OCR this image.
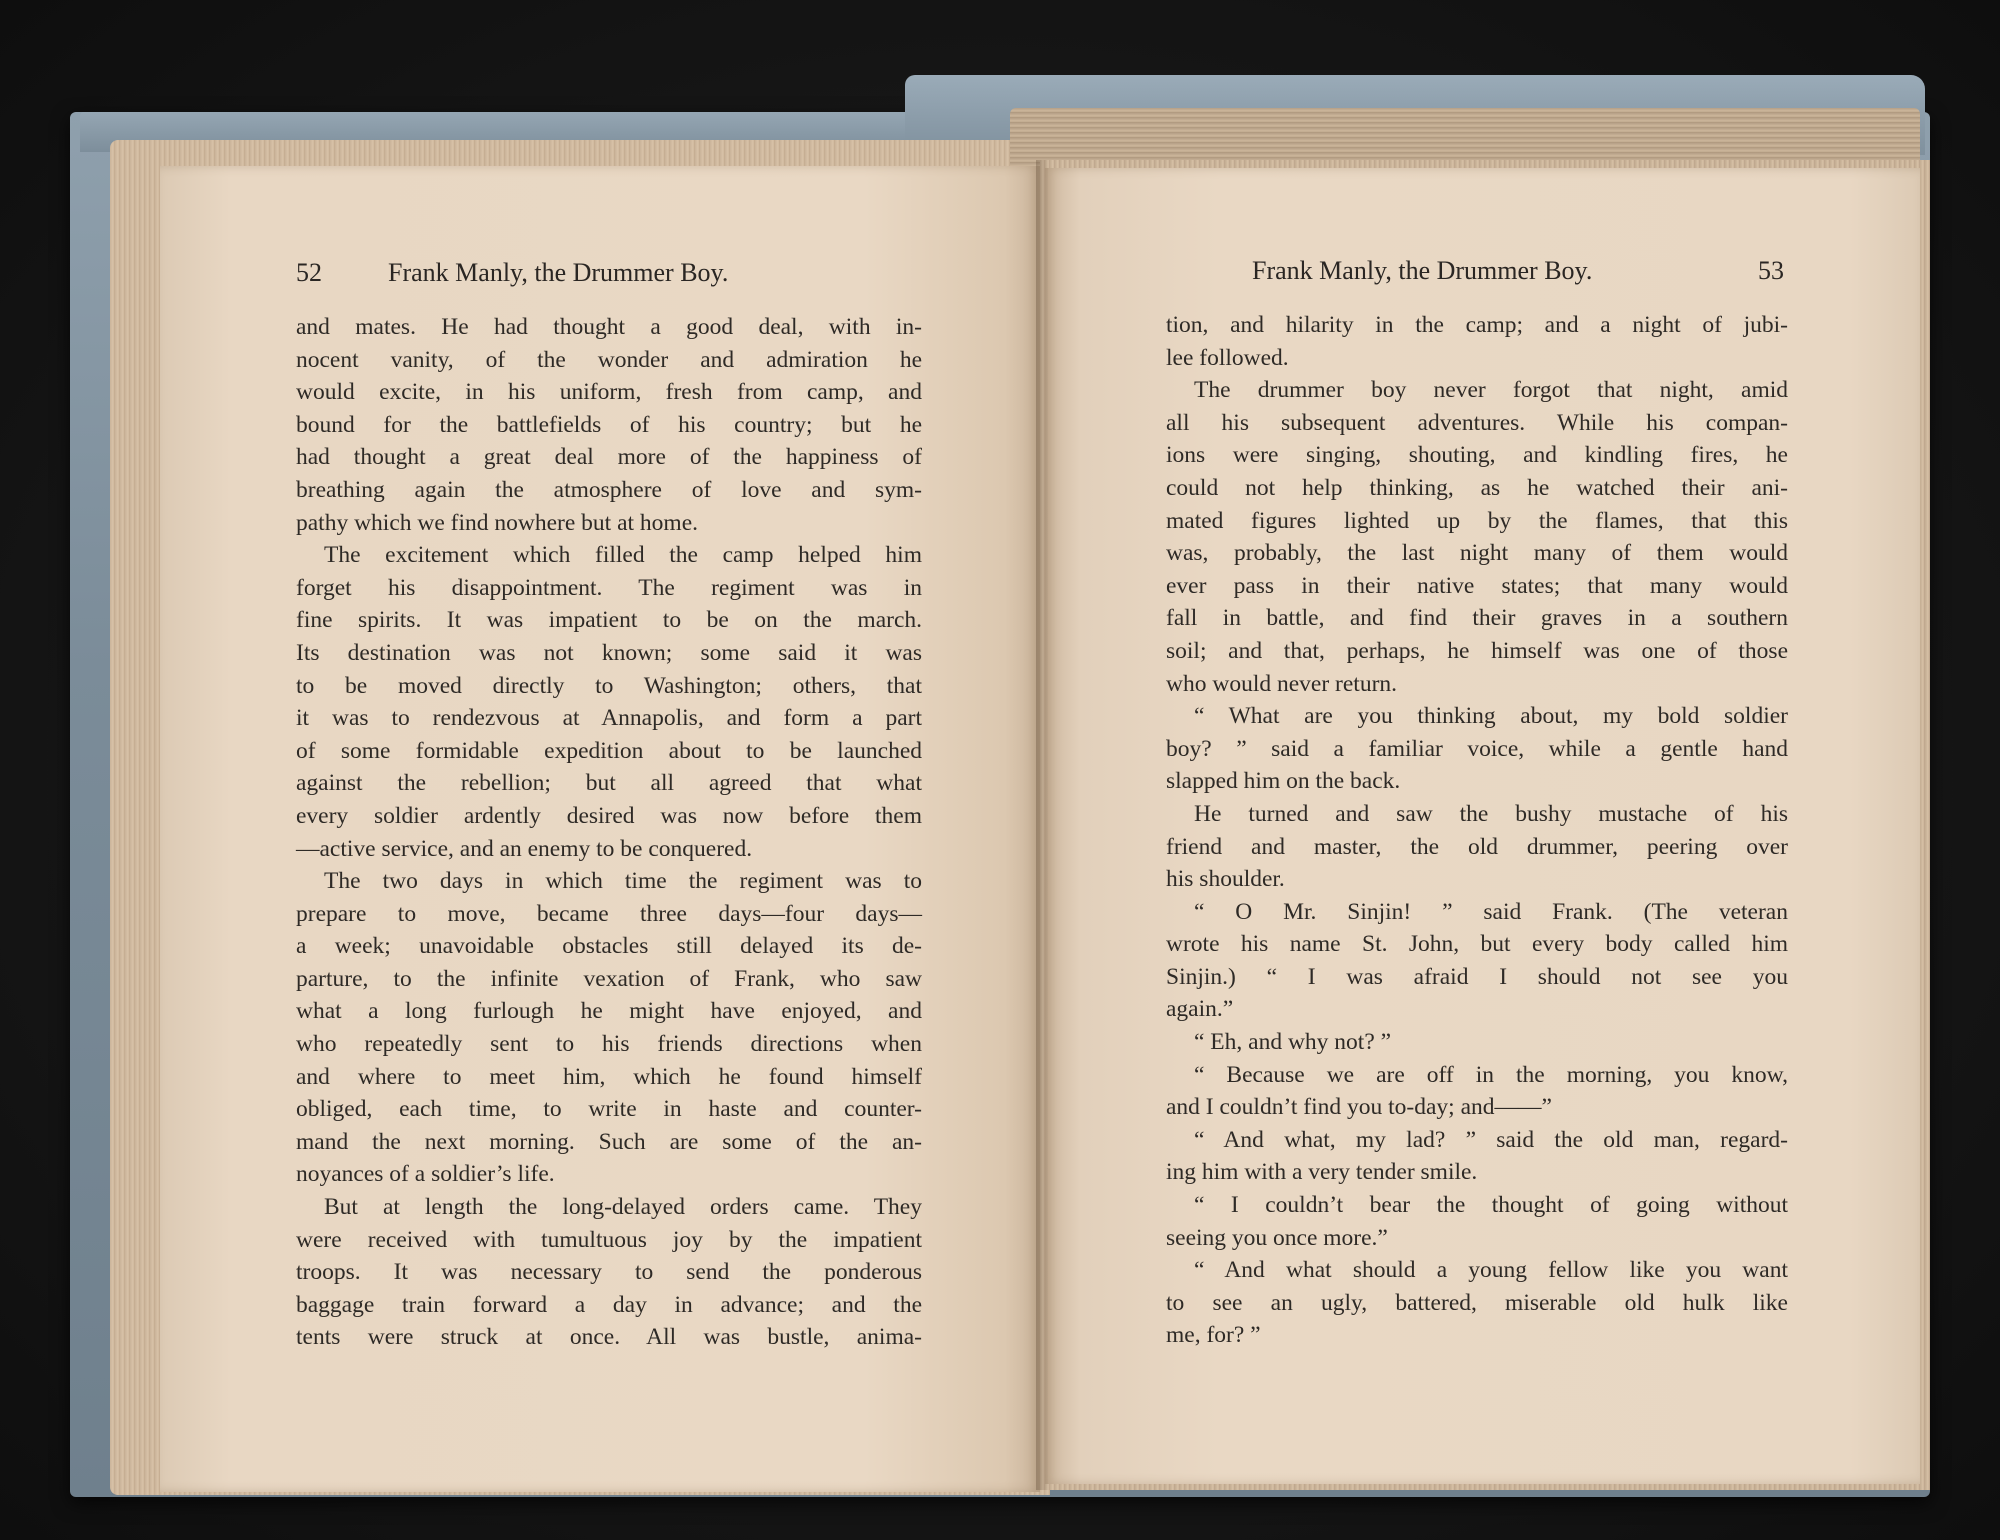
52	Frank Manly, the Drummer Boy.	Frank Manly, the Drummer Boy.	53
and mates. He had thought a good deal, with in-
nocent vanity, of the wonder and admiration he
would excite, in his uniform, fresh from camp, and
bound for the battlefields of his country; but he
had thought a great deal more of the happiness of
breathing again the atmosphere of love and sym-
pathy which we find nowhere but at home.
The excitement which filled the camp helped him
forget his disappointment. The regiment was in
fine spirits. It was impatient to be on the march.
Its destination was not known; some said it was
to be moved directly to Washington; others, that
it was to rendezvous at Annapolis, and form a part
of some formidable expedition about to be launched
against the rebellion; but all agreed that what
every soldier ardently desired was now before them
—active service, and an enemy to be conquered.
The two days in which time the regiment was to
prepare to move, became three days—four days—
a week; unavoidable obstacles still delayed its de-
parture, to the infinite vexation of Frank, who saw
what a long furlough he might have enjoyed, and
who repeatedly sent to his friends directions when
and where to meet him, which he found himself
obliged, each time, to write in haste and counter-
mand the next morning. Such are some of the an-
noyances of a soldier’s life.
But at length the long-delayed orders came. They
were received with tumultuous joy by the impatient
troops. It was necessary to send the ponderous
baggage train forward a day in advance; and the
tents were struck at once. All was bustle, anima-
tion, and hilarity in the camp; and a night of jubi-
lee followed.
The drummer boy never forgot that night, amid
all his subsequent adventures. While his compan-
ions were singing, shouting, and kindling fires, he
could not help thinking, as he watched their ani-
mated figures lighted up by the flames, that this
was, probably, the last night many of them would
ever pass in their native states; that many would
fall in battle, and find their graves in a southern
soil; and that, perhaps, he himself was one of those
who would never return.
“ What are you thinking about, my bold soldier
boy? ” said a familiar voice, while a gentle hand
slapped him on the back.
He turned and saw the bushy mustache of his
friend and master, the old drummer, peering over
his shoulder.
“ O Mr. Sinjin! ” said Frank. (The veteran
wrote his name St. John, but every body called him
Sinjin.) “ I was afraid I should not see you
again.”
“ Eh, and why not? ”
“ Because we are off in the morning, you know,
and I couldn’t find you to-day; and——”
“ And what, my lad? ” said the old man, regard-
ing him with a very tender smile.
“ I couldn’t bear the thought of going without
seeing you once more.”
“ And what should a young fellow like you want
to see an ugly, battered, miserable old hulk like
me, for? ”
